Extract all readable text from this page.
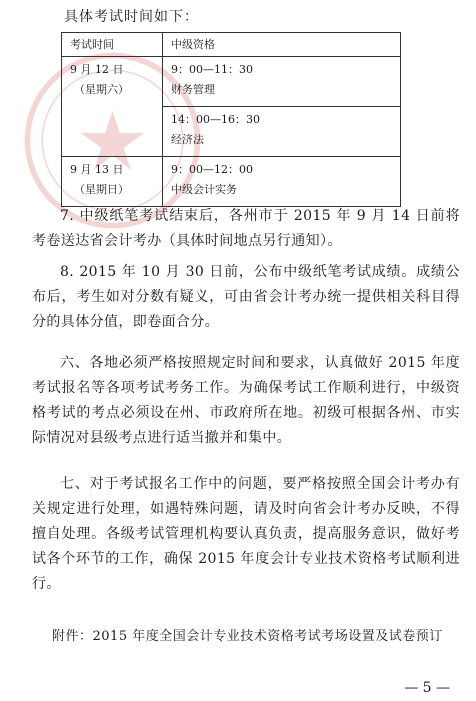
具体考试时间如下：
考试时间	中级资格

9 月 12 日
（星期六）	9：00—11：30
财务管理

	14：00—16：30
经济法

9 月 13 日
（星期日）	9：00—12：00
中级会计实务

7. 中级纸笔考试结束后，各州市于 2015 年 9 月 14 日前将考卷送达省会计考办（具体时间地点另行通知）。

8. 2015 年 10 月 30 日前，公布中级纸笔考试成绩。成绩公布后，考生如对分数有疑义，可由省会计考办统一提供相关科目得分的具体分值，即卷面合分。

六、各地必须严格按照规定时间和要求，认真做好 2015 年度考试报名等各项考试考务工作。为确保考试工作顺利进行，中级资格考试的考点必须设在州、市政府所在地。初级可根据各州、市实际情况对县级考点进行适当撤并和集中。

七、对于考试报名工作中的问题，要严格按照全国会计考办有关规定进行处理，如遇特殊问题，请及时向省会计考办反映，不得擅自处理。各级考试管理机构要认真负责，提高服务意识，做好考试各个环节的工作，确保 2015 年度会计专业技术资格考试顺利进行。

附件：2015 年度全国会计专业技术资格考试考场设置及试卷预订
— 5 —
